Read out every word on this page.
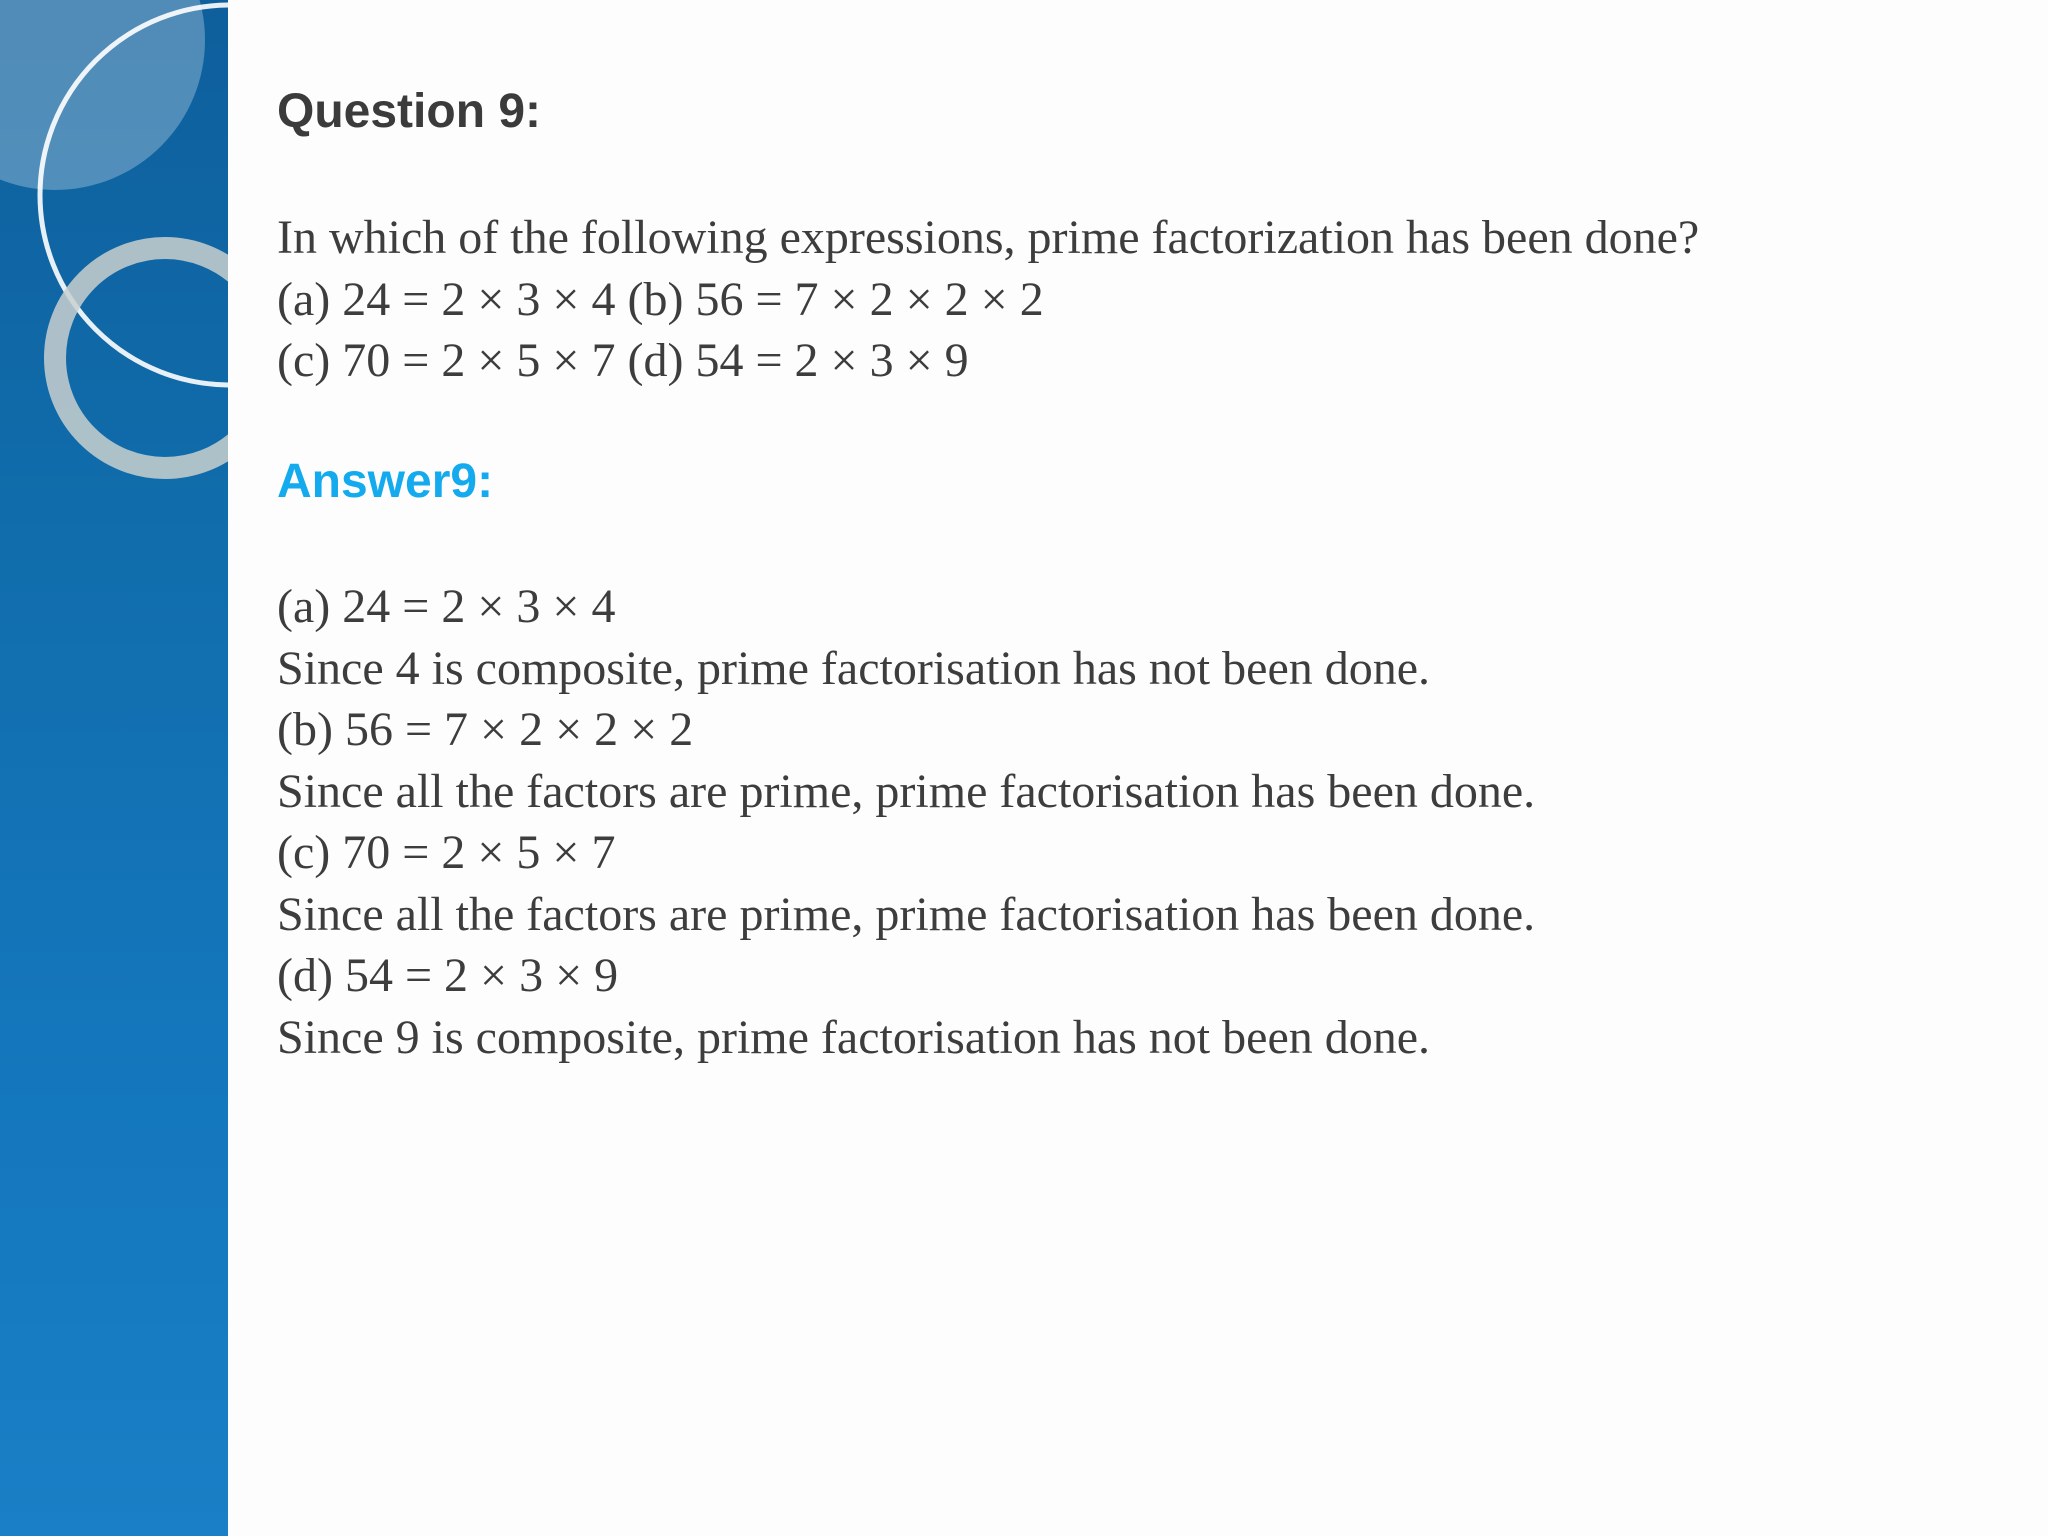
Question 9:
In which of the following expressions, prime factorization has been done?
(a) 24 = 2 × 3 × 4 (b) 56 = 7 × 2 × 2 × 2
(c) 70 = 2 × 5 × 7 (d) 54 = 2 × 3 × 9
Answer9:
(a) 24 = 2 × 3 × 4
Since 4 is composite, prime factorisation has not been done.
(b) 56 = 7 × 2 × 2 × 2
Since all the factors are prime, prime factorisation has been done.
(c) 70 = 2 × 5 × 7
Since all the factors are prime, prime factorisation has been done.
(d) 54 = 2 × 3 × 9
Since 9 is composite, prime factorisation has not been done.
